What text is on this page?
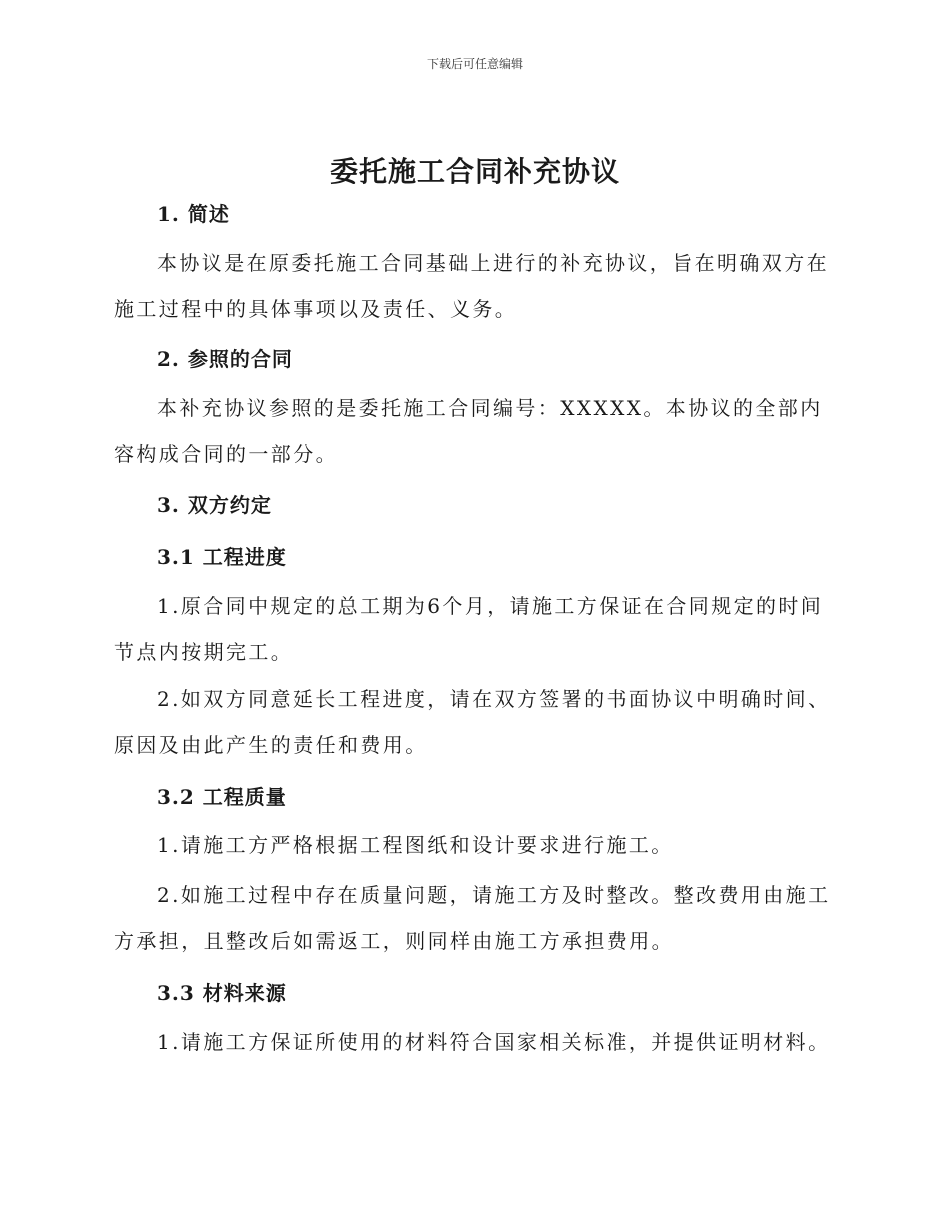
下载后可任意编辑
委托施工合同补充协议
1. 简述
本协议是在原委托施工合同基础上进行的补充协议，旨在明确双方在施工过程中的具体事项以及责任、义务。
2. 参照的合同
本补充协议参照的是委托施工合同编号：XXXXX。本协议的全部内容构成合同的一部分。
3. 双方约定
3.1 工程进度
1.原合同中规定的总工期为6个月，请施工方保证在合同规定的时间节点内按期完工。
2.如双方同意延长工程进度，请在双方签署的书面协议中明确时间、原因及由此产生的责任和费用。
3.2 工程质量
1.请施工方严格根据工程图纸和设计要求进行施工。
2.如施工过程中存在质量问题，请施工方及时整改。整改费用由施工方承担，且整改后如需返工，则同样由施工方承担费用。
3.3 材料来源
1.请施工方保证所使用的材料符合国家相关标准，并提供证明材料。
